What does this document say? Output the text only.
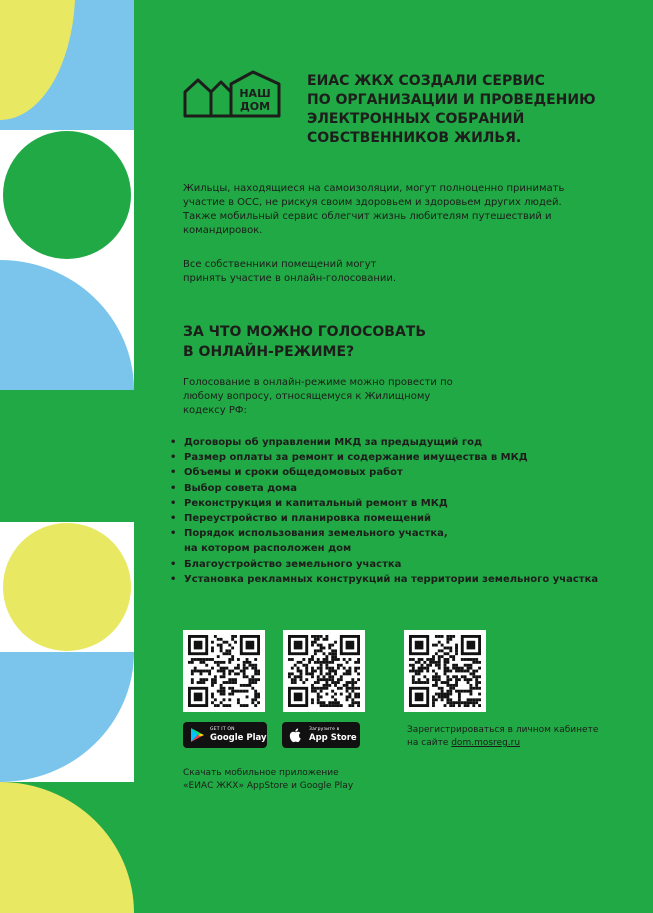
НАШ
ДОМ
ЕИАС ЖКХ СОЗДАЛИ СЕРВИС
ПО ОРГАНИЗАЦИИ И ПРОВЕДЕНИЮ
ЭЛЕКТРОННЫХ СОБРАНИЙ
СОБСТВЕННИКОВ ЖИЛЬЯ.

Жильцы, находящиеся на самоизоляции, могут полноценно принимать участие в ОСС, не рискуя своим здоровьем и здоровьем других людей. Также мобильный сервис облегчит жизнь любителям путешествий и командировок.

Все собственники помещений могут принять участие в онлайн-голосовании.

ЗА ЧТО МОЖНО ГОЛОСОВАТЬ
В ОНЛАЙН-РЕЖИМЕ?

Голосование в онлайн-режиме можно провести по любому вопросу, относящемуся к Жилищному кодексу РФ:

• Договоры об управлении МКД за предыдущий год
• Размер оплаты за ремонт и содержание имущества в МКД
• Объемы и сроки общедомовых работ
• Выбор совета дома
• Реконструкция и капитальный ремонт в МКД
• Переустройство и планировка помещений
• Порядок использования земельного участка,
на котором расположен дом
• Благоустройство земельного участка
• Установка рекламных конструкций на территории земельного участка
GET IT ON
Google Play
Загрузите в
App Store
Скачать мобильное приложение
«ЕИАС ЖКХ» AppStore и Google Play
Зарегистрироваться в личном кабинете
на сайте dom.mosreg.ru
